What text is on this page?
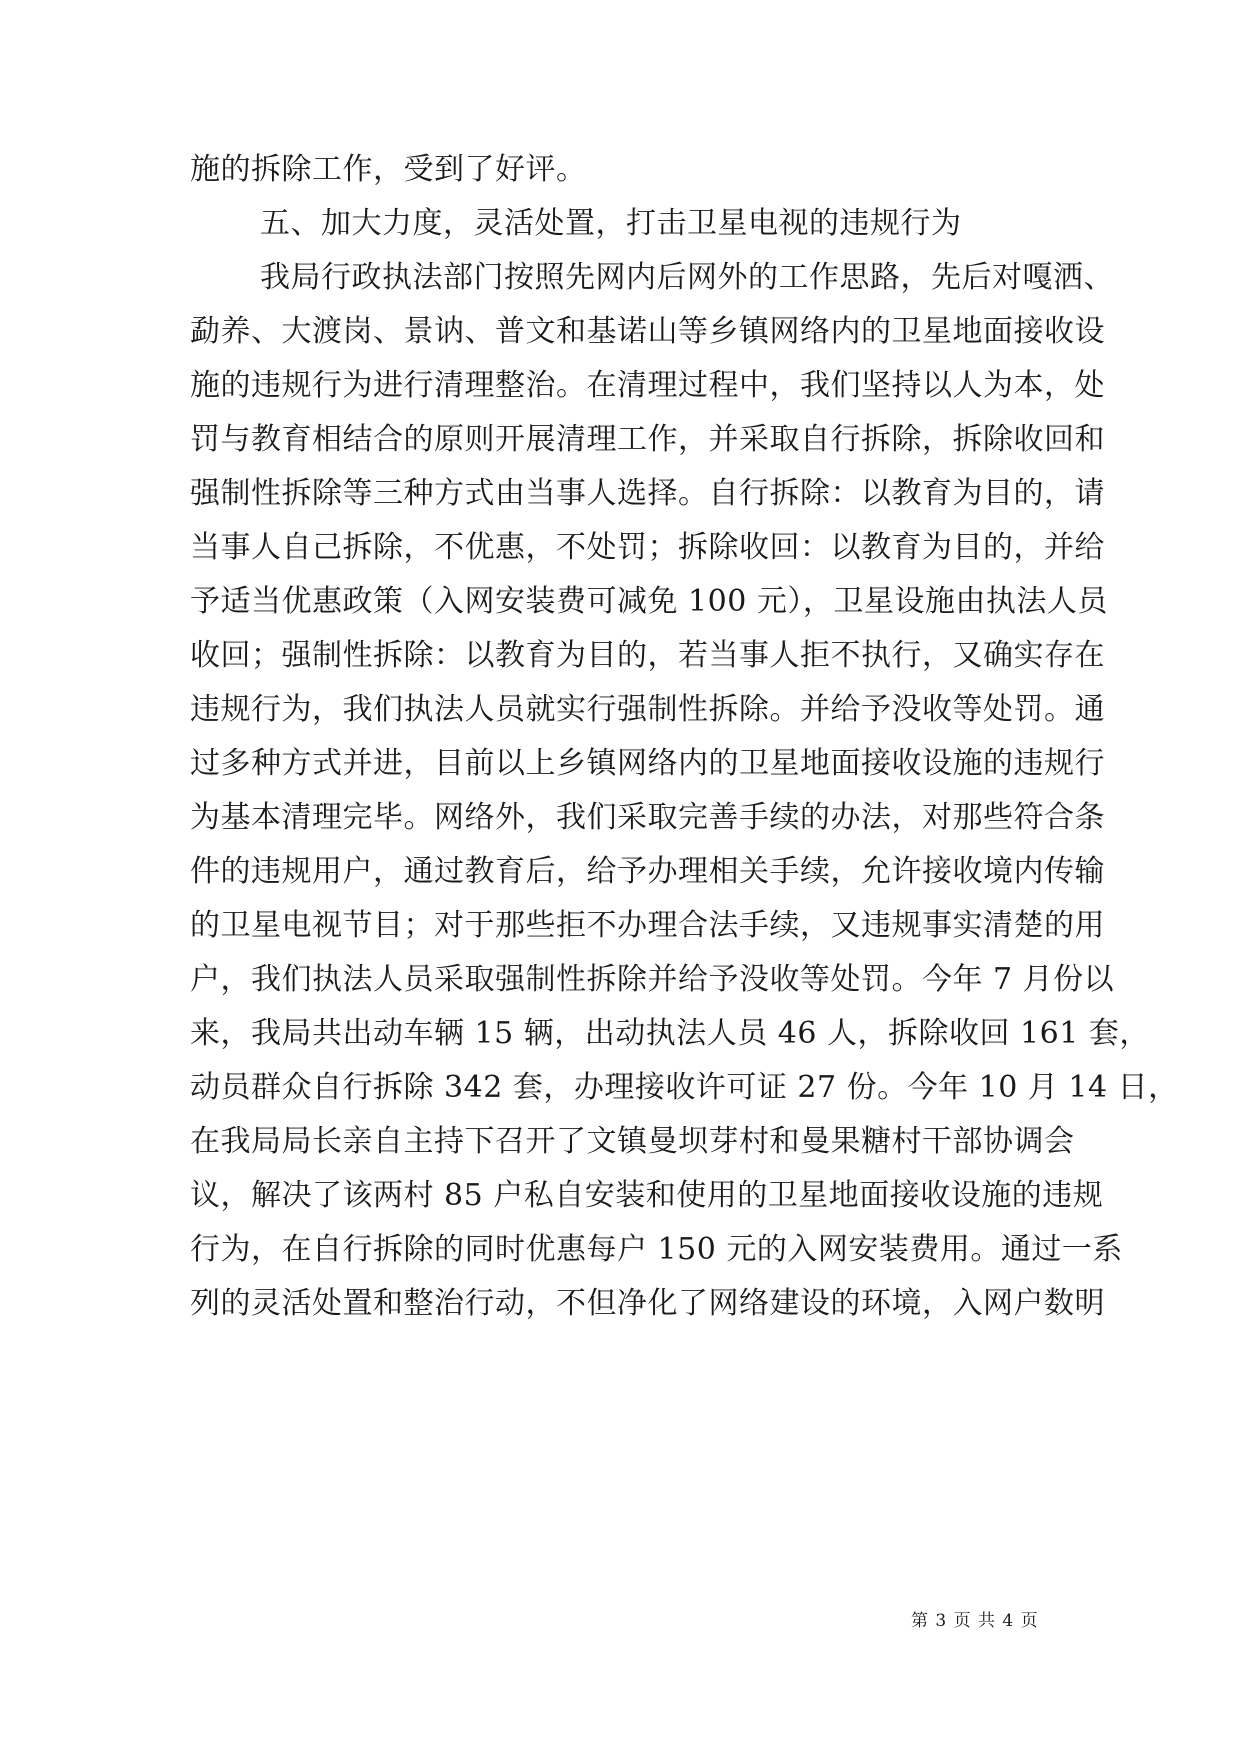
施的拆除工作，受到了好评。
五、加大力度，灵活处置，打击卫星电视的违规行为
我局行政执法部门按照先网内后网外的工作思路，先后对嘎洒、
勐养、大渡岗、景讷、普文和基诺山等乡镇网络内的卫星地面接收设
施的违规行为进行清理整治。在清理过程中，我们坚持以人为本，处
罚与教育相结合的原则开展清理工作，并采取自行拆除，拆除收回和
强制性拆除等三种方式由当事人选择。自行拆除：以教育为目的，请
当事人自己拆除，不优惠，不处罚；拆除收回：以教育为目的，并给
予适当优惠政策（入网安装费可减免 100 元），卫星设施由执法人员
收回；强制性拆除：以教育为目的，若当事人拒不执行，又确实存在
违规行为，我们执法人员就实行强制性拆除。并给予没收等处罚。通
过多种方式并进，目前以上乡镇网络内的卫星地面接收设施的违规行
为基本清理完毕。网络外，我们采取完善手续的办法，对那些符合条
件的违规用户，通过教育后，给予办理相关手续，允许接收境内传输
的卫星电视节目；对于那些拒不办理合法手续，又违规事实清楚的用
户，我们执法人员采取强制性拆除并给予没收等处罚。今年 7 月份以
来，我局共出动车辆 15 辆，出动执法人员 46 人，拆除收回 161 套，
动员群众自行拆除 342 套，办理接收许可证 27 份。今年 10 月 14 日，
在我局局长亲自主持下召开了文镇曼坝芽村和曼果糖村干部协调会
议，解决了该两村 85 户私自安装和使用的卫星地面接收设施的违规
行为，在自行拆除的同时优惠每户 150 元的入网安装费用。通过一系
列的灵活处置和整治行动，不但净化了网络建设的环境，入网户数明
第 3 页 共 4 页
